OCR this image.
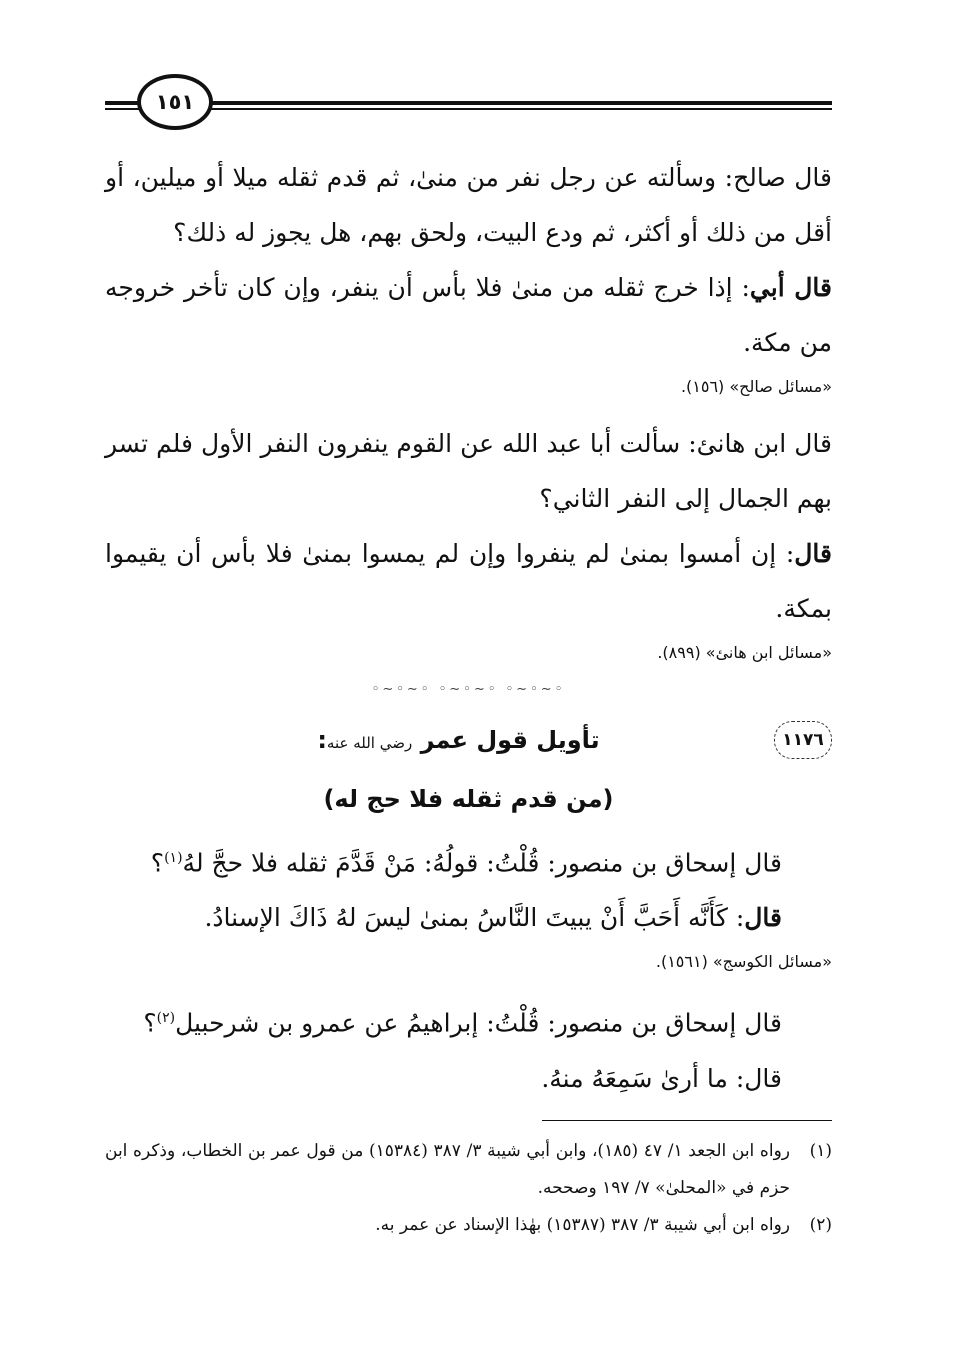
١٥١

قال صالح: وسألته عن رجل نفر من منىٰ، ثم قدم ثقله ميلا أو ميلين، أو أقل من ذلك أو أكثر، ثم ودع البيت، ولحق بهم، هل يجوز له ذلك؟

قال أبي: إذا خرج ثقله من منىٰ فلا بأس أن ينفر، وإن كان تأخر خروجه من مكة.

«مسائل صالح» (١٥٦).

قال ابن هانئ: سألت أبا عبد الله عن القوم ينفرون النفر الأول فلم تسر بهم الجمال إلى النفر الثاني؟

قال: إن أمسوا بمنىٰ لم ينفروا وإن لم يمسوا بمنىٰ فلا بأس أن يقيموا بمكة.

«مسائل ابن هانئ» (٨٩٩).

◦∽◦∽◦ ◦∽◦∽◦ ◦∽◦∽◦
١١٧٦
تأويل قول عمر رضي الله عنه:
(من قدم ثقله فلا حج له)

قال إسحاق بن منصور: قُلْتُ: قولُهُ: مَنْ قَدَّمَ ثقله فلا حجَّ لهُ$^{(١)}$؟

قال: كَأَنَّه أَحَبَّ أَنْ يبيتَ النَّاسُ بمنىٰ ليسَ لهُ ذَاكَ الإسنادُ.

«مسائل الكوسج» (١٥٦١).

قال إسحاق بن منصور: قُلْتُ: إبراهيمُ عن عمرو بن شرحبيل$^{(٢)}$؟

قال: ما أرىٰ سَمِعَهُ منهُ.

(١)رواه ابن الجعد ١/ ٤٧ (١٨٥)، وابن أبي شيبة ٣/ ٣٨٧ (١٥٣٨٤) من قول عمر بن الخطاب، وذكره ابن حزم في «المحلىٰ» ٧/ ١٩٧ وصححه.

(٢)رواه ابن أبي شيبة ٣/ ٣٨٧ (١٥٣٨٧) بهٰذا الإسناد عن عمر به.
